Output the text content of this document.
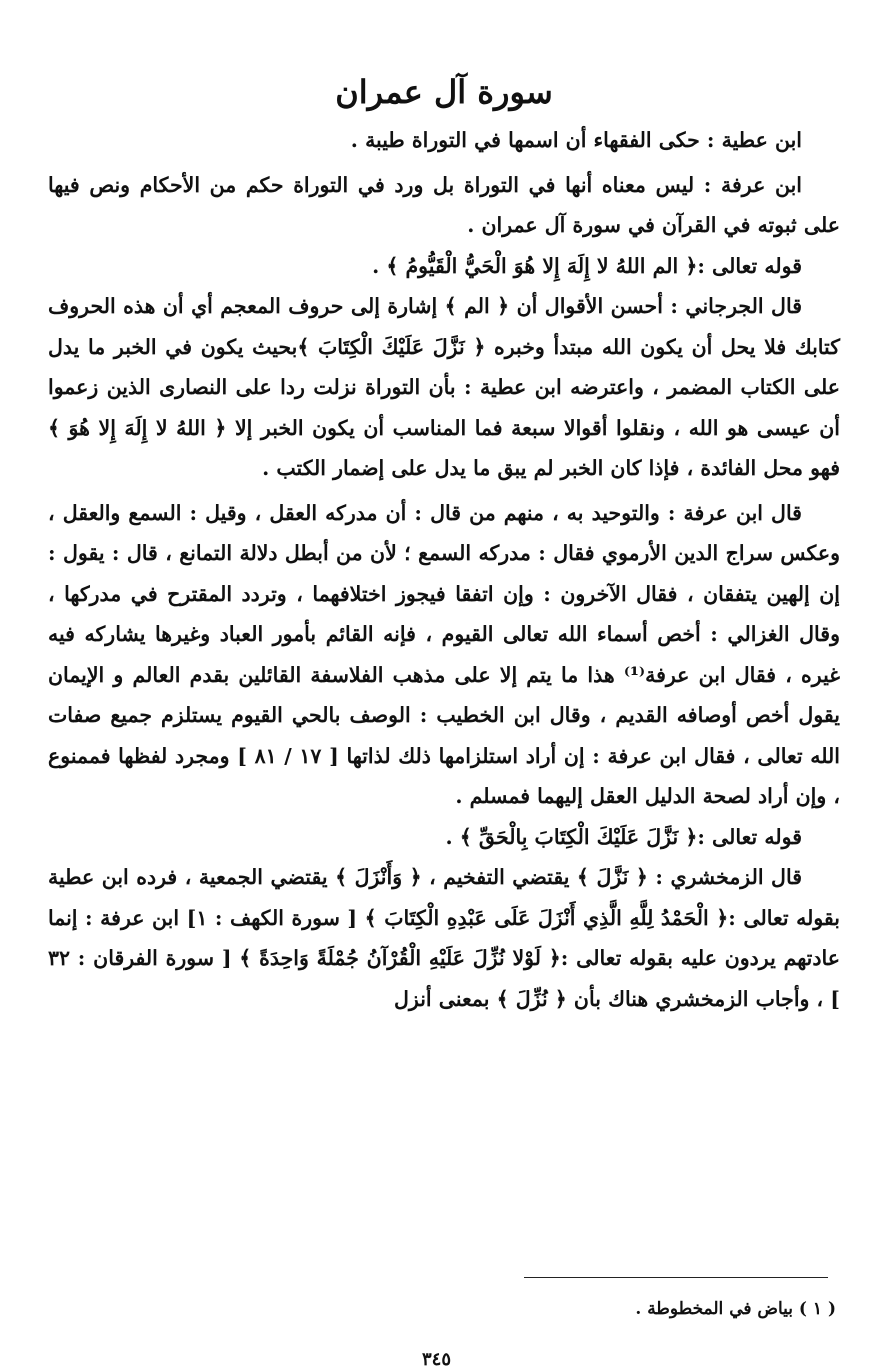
سورة آل عمران

ابن عطية : حكى الفقهاء أن اسمها في التوراة طيبة .

ابن عرفة : ليس معناه أنها في التوراة بل ورد في التوراة حكم من الأحكام ونص فيها على ثبوته في القرآن في سورة آل عمران .

قوله تعالى :﴿ الم اللهُ لا إِلَهَ إِلا هُوَ الْحَيُّ الْقَيُّومُ ﴾ .

قال الجرجاني : أحسن الأقوال أن ﴿ الم ﴾ إشارة إلى حروف المعجم أي أن هذه الحروف كتابك فلا يحل أن يكون الله مبتدأ وخبره ﴿ نَزَّلَ عَلَيْكَ الْكِتَابَ ﴾بحيث يكون في الخبر ما يدل على الكتاب المضمر ، واعترضه ابن عطية : بأن التوراة نزلت ردا على النصارى الذين زعموا أن عيسى هو الله ، ونقلوا أقوالا سبعة فما المناسب أن يكون الخبر إلا ﴿ اللهُ لا إِلَهَ إِلا هُوَ ﴾ فهو محل الفائدة ، فإذا كان الخبر لم يبق ما يدل على إضمار الكتب .

قال ابن عرفة : والتوحيد به ، منهم من قال : أن مدركه العقل ، وقيل : السمع والعقل ، وعكس سراج الدين الأرموي فقال : مدركه السمع ؛ لأن من أبطل دلالة التمانع ، قال : يقول : إن إلهين يتفقان ، فقال الآخرون : وإن اتفقا فيجوز اختلافهما ، وتردد المقترح في مدركها ، وقال الغزالي : أخص أسماء الله تعالى القيوم ، فإنه القائم بأمور العباد وغيرها يشاركه فيه غيره ، فقال ابن عرفة⁽¹⁾ هذا ما يتم إلا على مذهب الفلاسفة القائلين بقدم العالم و الإيمان يقول أخص أوصافه القديم ، وقال ابن الخطيب : الوصف بالحي القيوم يستلزم جميع صفات الله تعالى ، فقال ابن عرفة : إن أراد استلزامها ذلك لذاتها [ ١٧ / ٨١ ] ومجرد لفظها فممنوع ، وإن أراد لصحة الدليل العقل إليهما فمسلم .

قوله تعالى :﴿ نَزَّلَ عَلَيْكَ الْكِتَابَ بِالْحَقِّ ﴾ .

قال الزمخشري : ﴿ نَزَّلَ ﴾ يقتضي التفخيم ، ﴿ وَأَنْزَلَ ﴾ يقتضي الجمعية ، فرده ابن عطية بقوله تعالى :﴿ الْحَمْدُ لِلَّهِ الَّذِي أَنْزَلَ عَلَى عَبْدِهِ الْكِتَابَ ﴾ [ سورة الكهف : ١] ابن عرفة : إنما عادتهم يردون عليه بقوله تعالى :﴿ لَوْلا نُزِّلَ عَلَيْهِ الْقُرْآنُ جُمْلَةً وَاحِدَةً ﴾ [ سورة الفرقان : ٣٢ ] ، وأجاب الزمخشري هناك بأن ﴿ نُزِّلَ ﴾ بمعنى أنزل

( ١ ) بياض في المخطوطة .
٣٤٥
